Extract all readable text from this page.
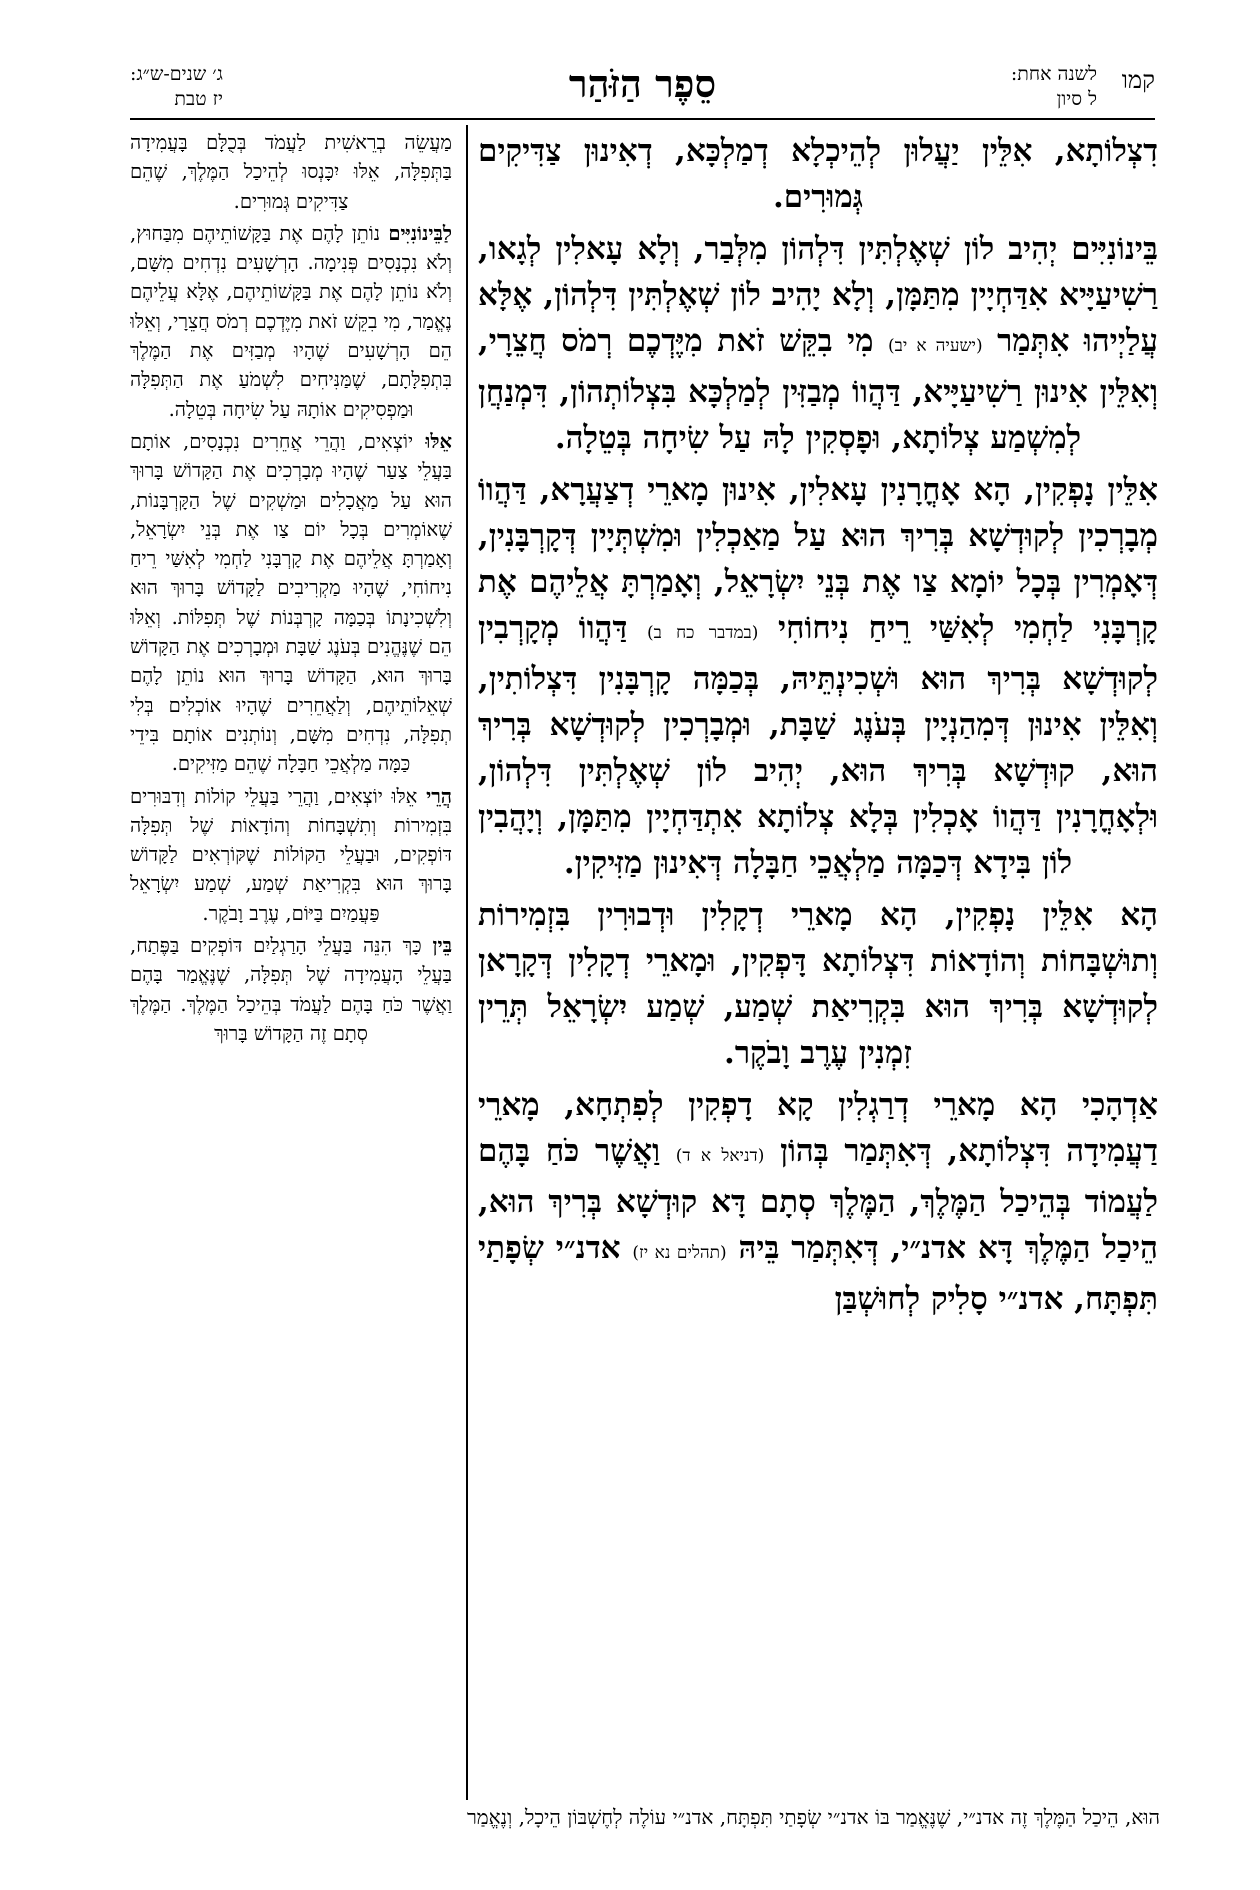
קמו
לשנה אחת:
ל סיון
סֵפֶר הַזֹּהַר
ג׳ שנים-ש״ג:
יז טבת

דִצְלוֹתָא, אִלֵּין יַעֲלוּן לְהֵיכְלָא דְמַלְכָּא, דְאִינוּן צַדִּיקִים גְּמוּרִים.

בֵּינוֹנִיִּים יְהִיב לוֹן שְׁאֶלְתִּין דִּלְהוֹן מִלְּבַר, וְלָא עָאלִין לְגָאו, רַשִׁיעַיָּיא אִדַּחְיָין מִתַּמָּן, וְלָא יָהִיב לוֹן שְׁאֶלְתִּין דִּלְהוֹן, אֶלָּא עֲלַיְיהוּ אִתְּמַר (ישעיה א יב) מִי בִקֵּשׁ זֹאת מִיֶּדְכֶם רְמֹס חֲצֵרָי, וְאִלֵּין אִינוּן רַשִׁיעַיָּיא, דַּהֲווֹ מְבַזִּין לְמַלְכָּא בִּצְלוֹתְהוֹן, דִּמְנַחֲן לְמִשְׁמַע צְלוֹתָא, וּפָסְקִין לָהּ עַל שִׂיחָה בְּטֵלָה.

אִלֵּין נָפְקִין, הָא אָחֳרָנִין עָאלִין, אִינוּן מָארֵי דְצַעֲרָא, דַּהֲווֹ מְבָרְכִין לְקוּדְשָׁא בְּרִיךְ הוּא עַל מַאַכְלִין וּמִשְׁתְּיָין דְּקָרְבָּנִין, דְּאָמְרִין בְּכָל יוֹמָא צַו אֶת בְּנֵי יִשְׂרָאֵל, וְאָמַרְתָּ אֲלֵיהֶם אֶת קָרְבָּנִי לַחְמִי לְאִשַּׁי רֵיחַ נִיחוֹחִי (במדבר כח ב) דַּהֲווֹ מְקָרְבִין לְקוּדְשָׁא בְּרִיךְ הוּא וּשְׁכִינְתֵּיהּ, בְּכַמָּה קָרְבָּנִין דִּצְלוֹתִין, וְאִלֵּין אִינוּן דְּמִהַנְיָין בְּעֹנֶג שַׁבָּת, וּמְבָרְכִין לְקוּדְשָׁא בְּרִיךְ הוּא, קוּדְשָׁא בְּרִיךְ הוּא, יְהִיב לוֹן שְׁאֶלְתִּין דִּלְהוֹן, וּלְאָחֳרָנִין דַּהֲווֹ אָכְלִין בְּלָא צְלוֹתָא אִתְדַּחְיָין מִתַּמָּן, וְיָהֲבִין לוֹן בִּידָא דְּכַמָּה מַלְאֲכֵי חַבָּלָה דְּאִינוּן מַזִּיקִין.

הָא אִלֵּין נָפְקִין, הָא מָארֵי דְקָלִין וּדְבוּרִין בִּזְמִירוֹת וְתוּשְׁבָּחוֹת וְהוֹדָאוֹת דִּצְלוֹתָא דָּפְקִין, וּמָארֵי דְקָלִין דְּקָרָאן לְקוּדְשָׁא בְּרִיךְ הוּא בִּקְרִיאַת שְׁמַע, שְׁמַע יִשְׂרָאֵל תְּרֵין זִמְנִין עֶרֶב וָבֹקֶר.

אַדְהָכִי הָא מָארֵי דְרַגְלִין קָא דָפְקִין לְפִתְחָא, מָארֵי דַעֲמִידָה דִּצְלוֹתָא, דְּאִתְּמַר בְּהוֹן (דניאל א ד) וַאֲשֶׁר כֹּחַ בָּהֶם לַעֲמוֹד בְּהֵיכַל הַמֶּלֶךְ, הַמֶּלֶךְ סְתָם דָּא קוּדְשָׁא בְּרִיךְ הוּא, הֵיכַל הַמֶּלֶךְ דָּא אדנ״י, דְּאִתְּמַר בֵּיהּ (תהלים נא יז) אדנ״י שְׂפָתַי תִּפְתָּח, אדנ״י סָלִיק לְחוּשְׁבַּן

מַעֲשֵׂה בְרֵאשִׁית לַעֲמֹד בְּכֻלָּם בָּעֲמִידָה בַּתְּפִלָּה, אֵלּוּ יִכָּנְסוּ לְהֵיכַל הַמֶּלֶךְ, שֶׁהֵם צַדִּיקִים גְּמוּרִים.

לַבֵּינוֹנִיִּים נוֹתֵן לָהֶם אֶת בַּקָּשׁוֹתֵיהֶם מִבַּחוּץ, וְלֹא נִכְנָסִים פְּנִימָה. הָרְשָׁעִים נִדְחִים מִשָּׁם, וְלֹא נוֹתֵן לָהֶם אֶת בַּקָּשׁוֹתֵיהֶם, אֶלָּא עֲלֵיהֶם נֶאֱמַר, מִי בִקֵּשׁ זֹאת מִיֶּדְכֶם רְמֹס חֲצֵרָי, וְאֵלּוּ הֵם הָרְשָׁעִים שֶׁהָיוּ מְבַזִּים אֶת הַמֶּלֶךְ בִּתְפִלָּתָם, שֶׁמַּנִּיחִים לִשְׁמֹעַ אֶת הַתְּפִלָּה וּמַפְסִיקִים אוֹתָהּ עַל שִׂיחָה בְּטֵלָה.

אֵלּוּ יוֹצְאִים, וַהֲרֵי אֲחֵרִים נִכְנָסִים, אוֹתָם בַּעֲלֵי צַעַר שֶׁהָיוּ מְבָרְכִים אֶת הַקָּדוֹשׁ בָּרוּךְ הוּא עַל מַאֲכָלִים וּמַשְׁקִים שֶׁל הַקָּרְבָּנוֹת, שֶׁאוֹמְרִים בְּכָל יוֹם צַו אֶת בְּנֵי יִשְׂרָאֵל, וְאָמַרְתָּ אֲלֵיהֶם אֶת קָרְבָּנִי לַחְמִי לְאִשַּׁי רֵיחַ נִיחוֹחִי, שֶׁהָיוּ מַקְרִיבִים לַקָּדוֹשׁ בָּרוּךְ הוּא וְלִשְׁכִינָתוֹ בְּכַמָּה קָרְבְּנוֹת שֶׁל תְּפִלּוֹת. וְאֵלּוּ הֵם שֶׁנֶּהֱנִים בְּעֹנֶג שַׁבָּת וּמְבָרְכִים אֶת הַקָּדוֹשׁ בָּרוּךְ הוּא, הַקָּדוֹשׁ בָּרוּךְ הוּא נוֹתֵן לָהֶם שְׁאֵלוֹתֵיהֶם, וְלַאֲחֵרִים שֶׁהָיוּ אוֹכְלִים בְּלִי תְפִלָּה, נִדְחִים מִשָּׁם, וְנוֹתְנִים אוֹתָם בִּידֵי כַּמָּה מַלְאֲכֵי חַבָּלָה שֶׁהֵם מַזִּיקִים.

הֲרֵי אֵלּוּ יוֹצְאִים, וַהֲרֵי בַּעֲלֵי קוֹלוֹת וְדִבּוּרִים בִּזְמִירוֹת וְתִשְׁבָּחוֹת וְהוֹדָאוֹת שֶׁל תְּפִלָּה דּוֹפְקִים, וּבַעֲלֵי הַקּוֹלוֹת שֶׁקּוֹרְאִים לַקָּדוֹשׁ בָּרוּךְ הוּא בִּקְרִיאַת שְׁמַע, שְׁמַע יִשְׂרָאֵל פַּעֲמַיִם בַּיּוֹם, עֶרֶב וָבֹקֶר.

בֵּין כָּךְ הִנֵּה בַּעֲלֵי הָרַגְלַיִם דּוֹפְקִים בַּפֶּתַח, בַּעֲלֵי הָעֲמִידָה שֶׁל תְּפִלָּה, שֶׁנֶּאֱמַר בָּהֶם וַאֲשֶׁר כֹּחַ בָּהֶם לַעֲמֹד בְּהֵיכַל הַמֶּלֶךְ. הַמֶּלֶךְ סְתָם זֶה הַקָּדוֹשׁ בָּרוּךְ

הוּא, הֵיכַל הַמֶּלֶךְ זֶה אדנ״י, שֶׁנֶּאֱמַר בּוֹ אדנ״י שְׂפָתַי תִּפְתָּח, אדנ״י עוֹלֶה לְחֶשְׁבּוֹן הֵיכָל, וְנֶאֱמַר
